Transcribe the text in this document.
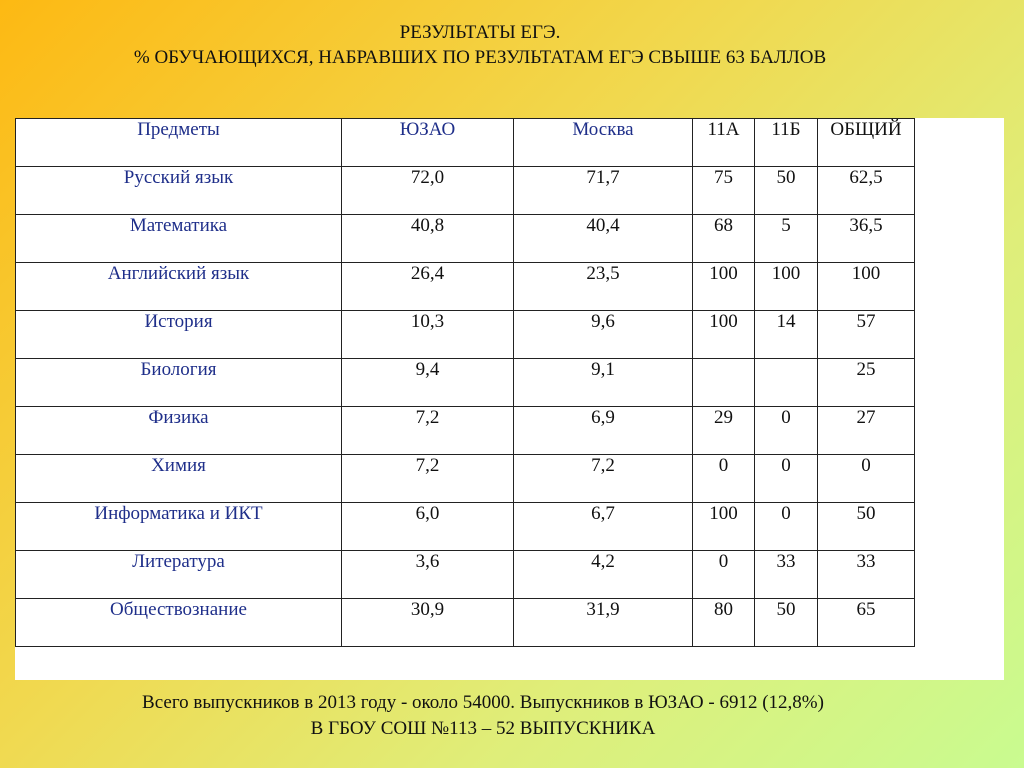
РЕЗУЛЬТАТЫ ЕГЭ.
% ОБУЧАЮЩИХСЯ, НАБРАВШИХ ПО РЕЗУЛЬТАТАМ ЕГЭ СВЫШЕ 63 БАЛЛОВ
Предметы	ЮЗАО	Москва	11А	11Б	ОБЩИЙ
Русский язык	72,0	71,7	75	50	62,5
Математика	40,8	40,4	68	5	36,5
Английский язык	26,4	23,5	100	100	100
История	10,3	9,6	100	14	57
Биология	9,4	9,1			25
Физика	7,2	6,9	29	0	27
Химия	7,2	7,2	0	0	0
Информатика и ИКТ	6,0	6,7	100	0	50
Литература	3,6	4,2	0	33	33
Обществознание	30,9	31,9	80	50	65
Всего выпускников в 2013 году - около 54000. Выпускников в ЮЗАО - 6912 (12,8%)
В ГБОУ СОШ №113 – 52 ВЫПУСКНИКА
